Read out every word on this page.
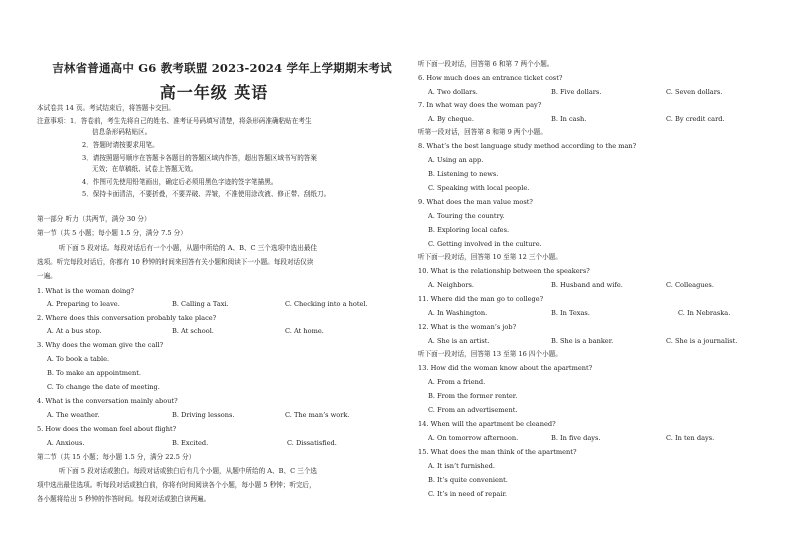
吉林省普通高中 G6 教考联盟 2023-2024 学年上学期期末考试
高一年级 英语
本试卷共 14 页。考试结束后，将答题卡交回。
注意事项：1．答卷前，考生先将自己的姓名、准考证号码填写清楚，将条形码准确粘贴在考生
信息条形码粘贴区。
2．答题时请按要求用笔。
3．请按照题号顺序在答题卡各题目的答题区域内作答，超出答题区域书写的答案
无效；在草稿纸、试卷上答题无效。
4．作图可先使用铅笔画出，确定后必须用黑色字迹的签字笔描黑。
5．保持卡面清洁，不要折叠，不要弄破、弄皱，不准使用涂改液、修正带、刮纸刀。
第一部分 听力（共两节，满分 30 分）
第一节（共 5 小题；每小题 1.5 分，满分 7.5 分）
听下面 5 段对话。每段对话后有一个小题，从题中所给的 A、B、C 三个选项中选出最佳
选项。听完每段对话后，你都有 10 秒钟的时间来回答有关小题和阅读下一小题。每段对话仅读
一遍。
1. What is the woman doing?
A. Preparing to leave.	B. Calling a Taxi.	C. Checking into a hotel.
2. Where does this conversation probably take place?
A. At a bus stop.	B. At school.	C. At home.
3. Why does the woman give the call?
A. To book a table.
B. To make an appointment.
C. To change the date of meeting.
4. What is the conversation mainly about?
A. The weather.	B. Driving lessons.	C. The man’s work.
5. How does the woman feel about flight?
A. Anxious.	B. Excited.	C. Dissatisfied.
第二节（共 15 小题；每小题 1.5 分，满分 22.5 分）
听下面 5 段对话或独白。每段对话或独白后有几个小题，从题中所给的 A、B、C 三个选
项中选出最佳选项。听每段对话或独白前，你将有时间阅读各个小题，每小题 5 秒钟；听完后，
各小题将给出 5 秒钟的作答时间。每段对话或独白读两遍。
听下面一段对话，回答第 6 和第 7 两个小题。
6. How much does an entrance ticket cost?
A. Two dollars.	B. Five dollars.	C. Seven dollars.
7. In what way does the woman pay?
A. By cheque.	B. In cash.	C. By credit card.
听第一段对话，回答第 8 和第 9 两个小题。
8. What’s the best language study method according to the man?
A. Using an app.
B. Listening to news.
C. Speaking with local people.
9. What does the man value most?
A. Touring the country.
B. Exploring local cafes.
C. Getting involved in the culture.
听下面一段对话，回答第 10 至第 12 三个小题。
10. What is the relationship between the speakers?
A. Neighbors.	B. Husband and wife.	C. Colleagues.
11. Where did the man go to college?
A. In Washington.	B. In Texas.	C. In Nebraska.
12. What is the woman’s job?
A. She is an artist.	B. She is a banker.	C. She is a journalist.
听下面一段对话，回答第 13 至第 16 四个小题。
13. How did the woman know about the apartment?
A. From a friend.
B. From the former renter.
C. From an advertisement.
14. When will the apartment be cleaned?
A. On tomorrow afternoon.	B. In five days.	C. In ten days.
15. What does the man think of the apartment?
A. It isn’t furnished.
B. It’s quite convenient.
C. It’s in need of repair.
